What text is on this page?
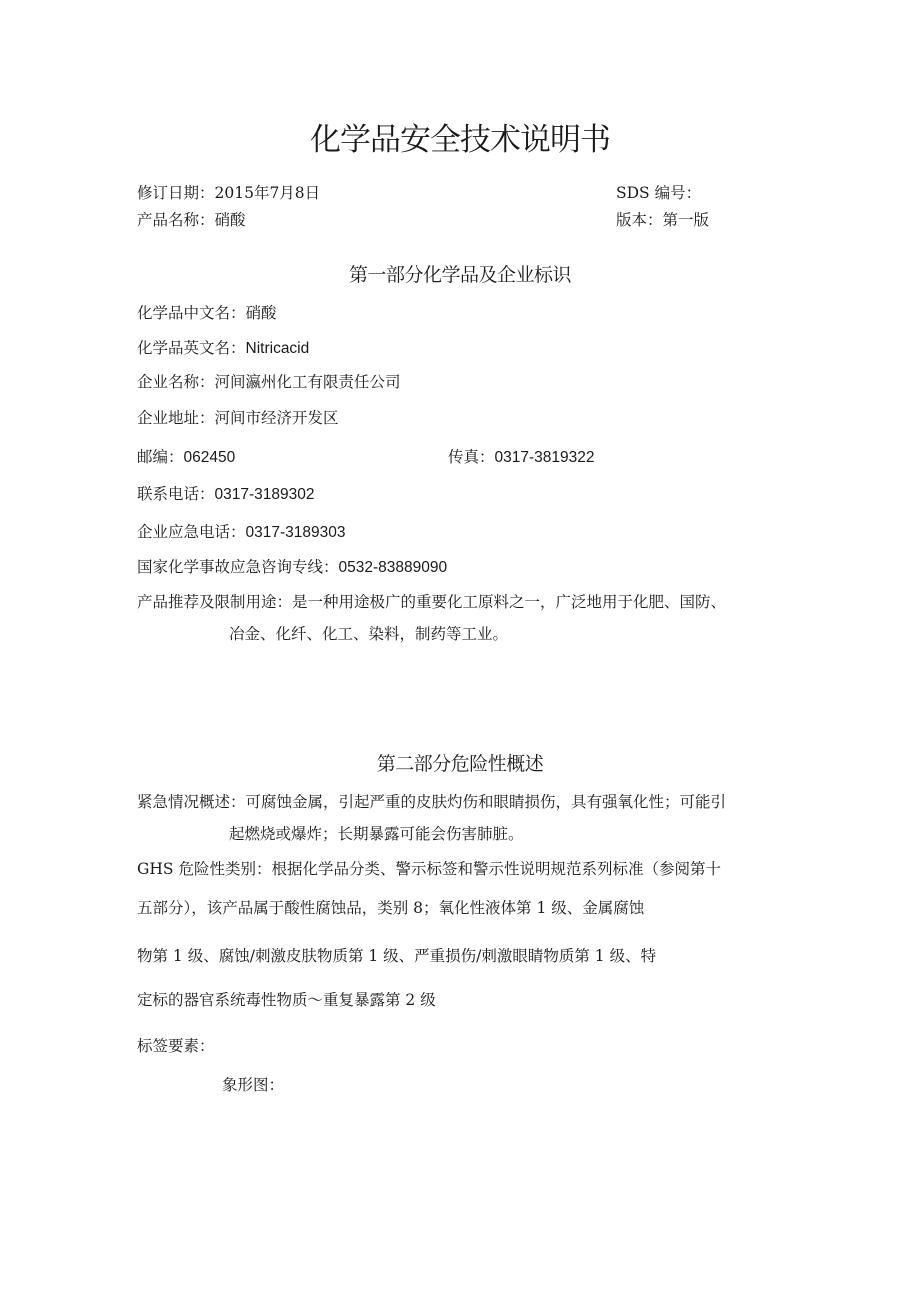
化学品安全技术说明书
修订日期：2015年7月8日	SDS 编号：
产品名称：硝酸	版本：第一版
第一部分化学品及企业标识
化学品中文名：硝酸
化学品英文名：Nitricacid
企业名称：河间瀛州化工有限责任公司
企业地址：河间市经济开发区
邮编：062450	传真：0317-3819322
联系电话：0317-3189302
企业应急电话：0317-3189303
国家化学事故应急咨询专线：0532-83889090
产品推荐及限制用途：是一种用途极广的重要化工原料之一，广泛地用于化肥、国防、
冶金、化纤、化工、染料，制药等工业。
第二部分危险性概述
紧急情况概述：可腐蚀金属，引起严重的皮肤灼伤和眼睛损伤，具有强氧化性；可能引
起燃烧或爆炸；长期暴露可能会伤害肺脏。
GHS 危险性类别：根据化学品分类、警示标签和警示性说明规范系列标准（参阅第十
五部分），该产品属于酸性腐蚀品，类别 8；氧化性液体第 1 级、金属腐蚀
物第 1 级、腐蚀/刺激皮肤物质第 1 级、严重损伤/刺激眼睛物质第 1 级、特
定标的器官系统毒性物质～重复暴露第 2 级
标签要素：
象形图：
